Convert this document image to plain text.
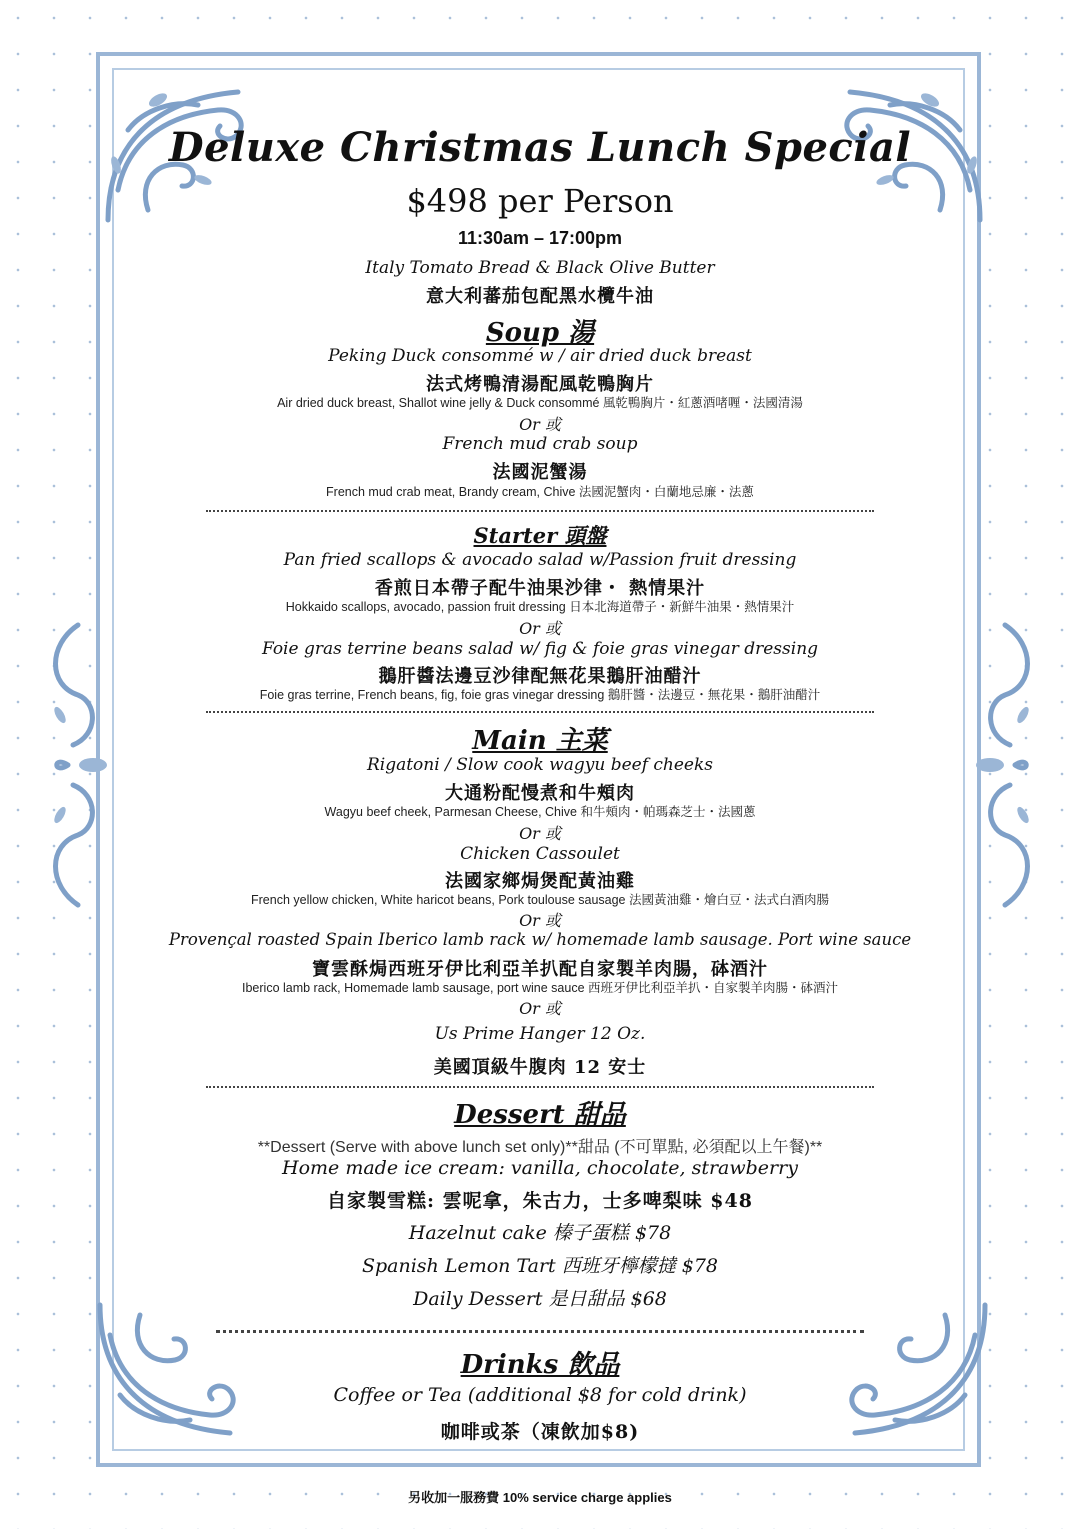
Deluxe Christmas Lunch Special
$498 per Person
11:30am – 17:00pm
Italy Tomato Bread & Black Olive Butter
意大利蕃茄包配黑水欖牛油
Soup 湯
Peking Duck consommé w / air dried duck breast
法式烤鴨清湯配風乾鴨胸片
Air dried duck breast, Shallot wine jelly & Duck consommé 風乾鴨胸片・紅蔥酒啫喱・法國清湯
Or 或
French mud crab soup
法國泥蟹湯
French mud crab meat, Brandy cream, Chive 法國泥蟹肉・白蘭地忌廉・法蔥
Starter 頭盤
Pan fried scallops & avocado salad w/Passion fruit dressing
香煎日本帶子配牛油果沙律・ 熱情果汁
Hokkaido scallops, avocado, passion fruit dressing 日本北海道帶子・新鮮牛油果・熱情果汁
Or 或
Foie gras terrine beans salad w/ fig & foie gras vinegar dressing
鵝肝醬法邊豆沙律配無花果鵝肝油醋汁
Foie gras terrine, French beans, fig, foie gras vinegar dressing 鵝肝醬・法邊豆・無花果・鵝肝油醋汁
Main 主菜
Rigatoni / Slow cook wagyu beef cheeks
大通粉配慢煮和牛頰肉
Wagyu beef cheek, Parmesan Cheese, Chive 和牛頰肉・帕瑪森芝士・法國蔥
Or 或
Chicken Cassoulet
法國家鄉焗煲配黃油雞
French yellow chicken, White haricot beans, Pork toulouse sausage 法國黃油雞・燴白豆・法式白酒肉腸
Or 或
Provençal roasted Spain Iberico lamb rack w/ homemade lamb sausage. Port wine sauce
寶雲酥焗西班牙伊比利亞羊扒配自家製羊肉腸，砵酒汁
Iberico lamb rack, Homemade lamb sausage, port wine sauce 西班牙伊比利亞羊扒・自家製羊肉腸・砵酒汁
Or 或
Us Prime Hanger 12 Oz.
美國頂級牛腹肉 12 安士
Dessert 甜品
**Dessert (Serve with above lunch set only)**甜品 (不可單點, 必須配以上午餐)**
Home made ice cream: vanilla, chocolate, strawberry
自家製雪糕: 雲呢拿，朱古力，士多啤梨味 $48
Hazelnut cake 榛子蛋糕 $78
Spanish Lemon Tart 西班牙檸檬撻 $78
Daily Dessert 是日甜品 $68
Drinks 飲品
Coffee or Tea (additional $8 for cold drink)
咖啡或茶（凍飲加$8)
另收加一服務費 10% service charge applies
